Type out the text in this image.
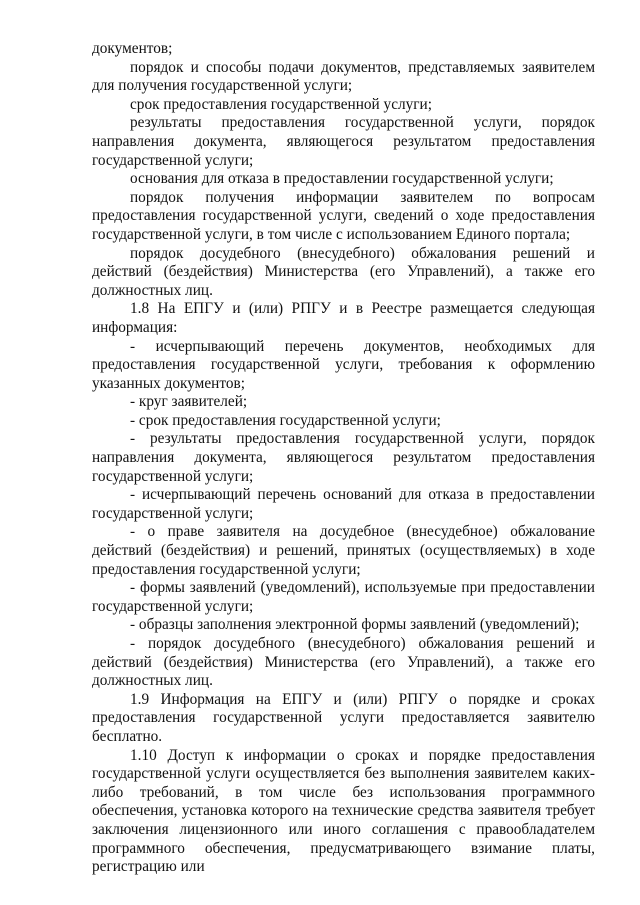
документов;

порядок и способы подачи документов, представляемых заявителем для получения государственной услуги;

срок предоставления государственной услуги;

результаты предоставления государственной услуги, порядок направления документа, являющегося результатом предоставления государственной услуги;

основания для отказа в предоставлении государственной услуги;

порядок получения информации заявителем по вопросам предоставления государственной услуги, сведений о ходе предоставления государственной услуги, в том числе с использованием Единого портала;

порядок досудебного (внесудебного) обжалования решений и действий (бездействия) Министерства (его Управлений), а также его должностных лиц.

1.8 На ЕПГУ и (или) РПГУ и в Реестре размещается следующая информация:

- исчерпывающий перечень документов, необходимых для предоставления государственной услуги, требования к оформлению указанных документов;

- круг заявителей;

- срок предоставления государственной услуги;

- результаты предоставления государственной услуги, порядок направления документа, являющегося результатом предоставления государственной услуги;

- исчерпывающий перечень оснований для отказа в предоставлении государственной услуги;

- о праве заявителя на досудебное (внесудебное) обжалование действий (бездействия) и решений, принятых (осуществляемых) в ходе предоставления государственной услуги;

- формы заявлений (уведомлений), используемые при предоставлении государственной услуги;

- образцы заполнения электронной формы заявлений (уведомлений);

- порядок досудебного (внесудебного) обжалования решений и действий (бездействия) Министерства (его Управлений), а также его должностных лиц.

1.9 Информация на ЕПГУ и (или) РПГУ о порядке и сроках предоставления государственной услуги предоставляется заявителю бесплатно.

1.10 Доступ к информации о сроках и порядке предоставления государственной услуги осуществляется без выполнения заявителем каких-либо требований, в том числе без использования программного обеспечения, установка которого на технические средства заявителя требует заключения лицензионного или иного соглашения с правообладателем программного обеспечения, предусматривающего взимание платы, регистрацию или
